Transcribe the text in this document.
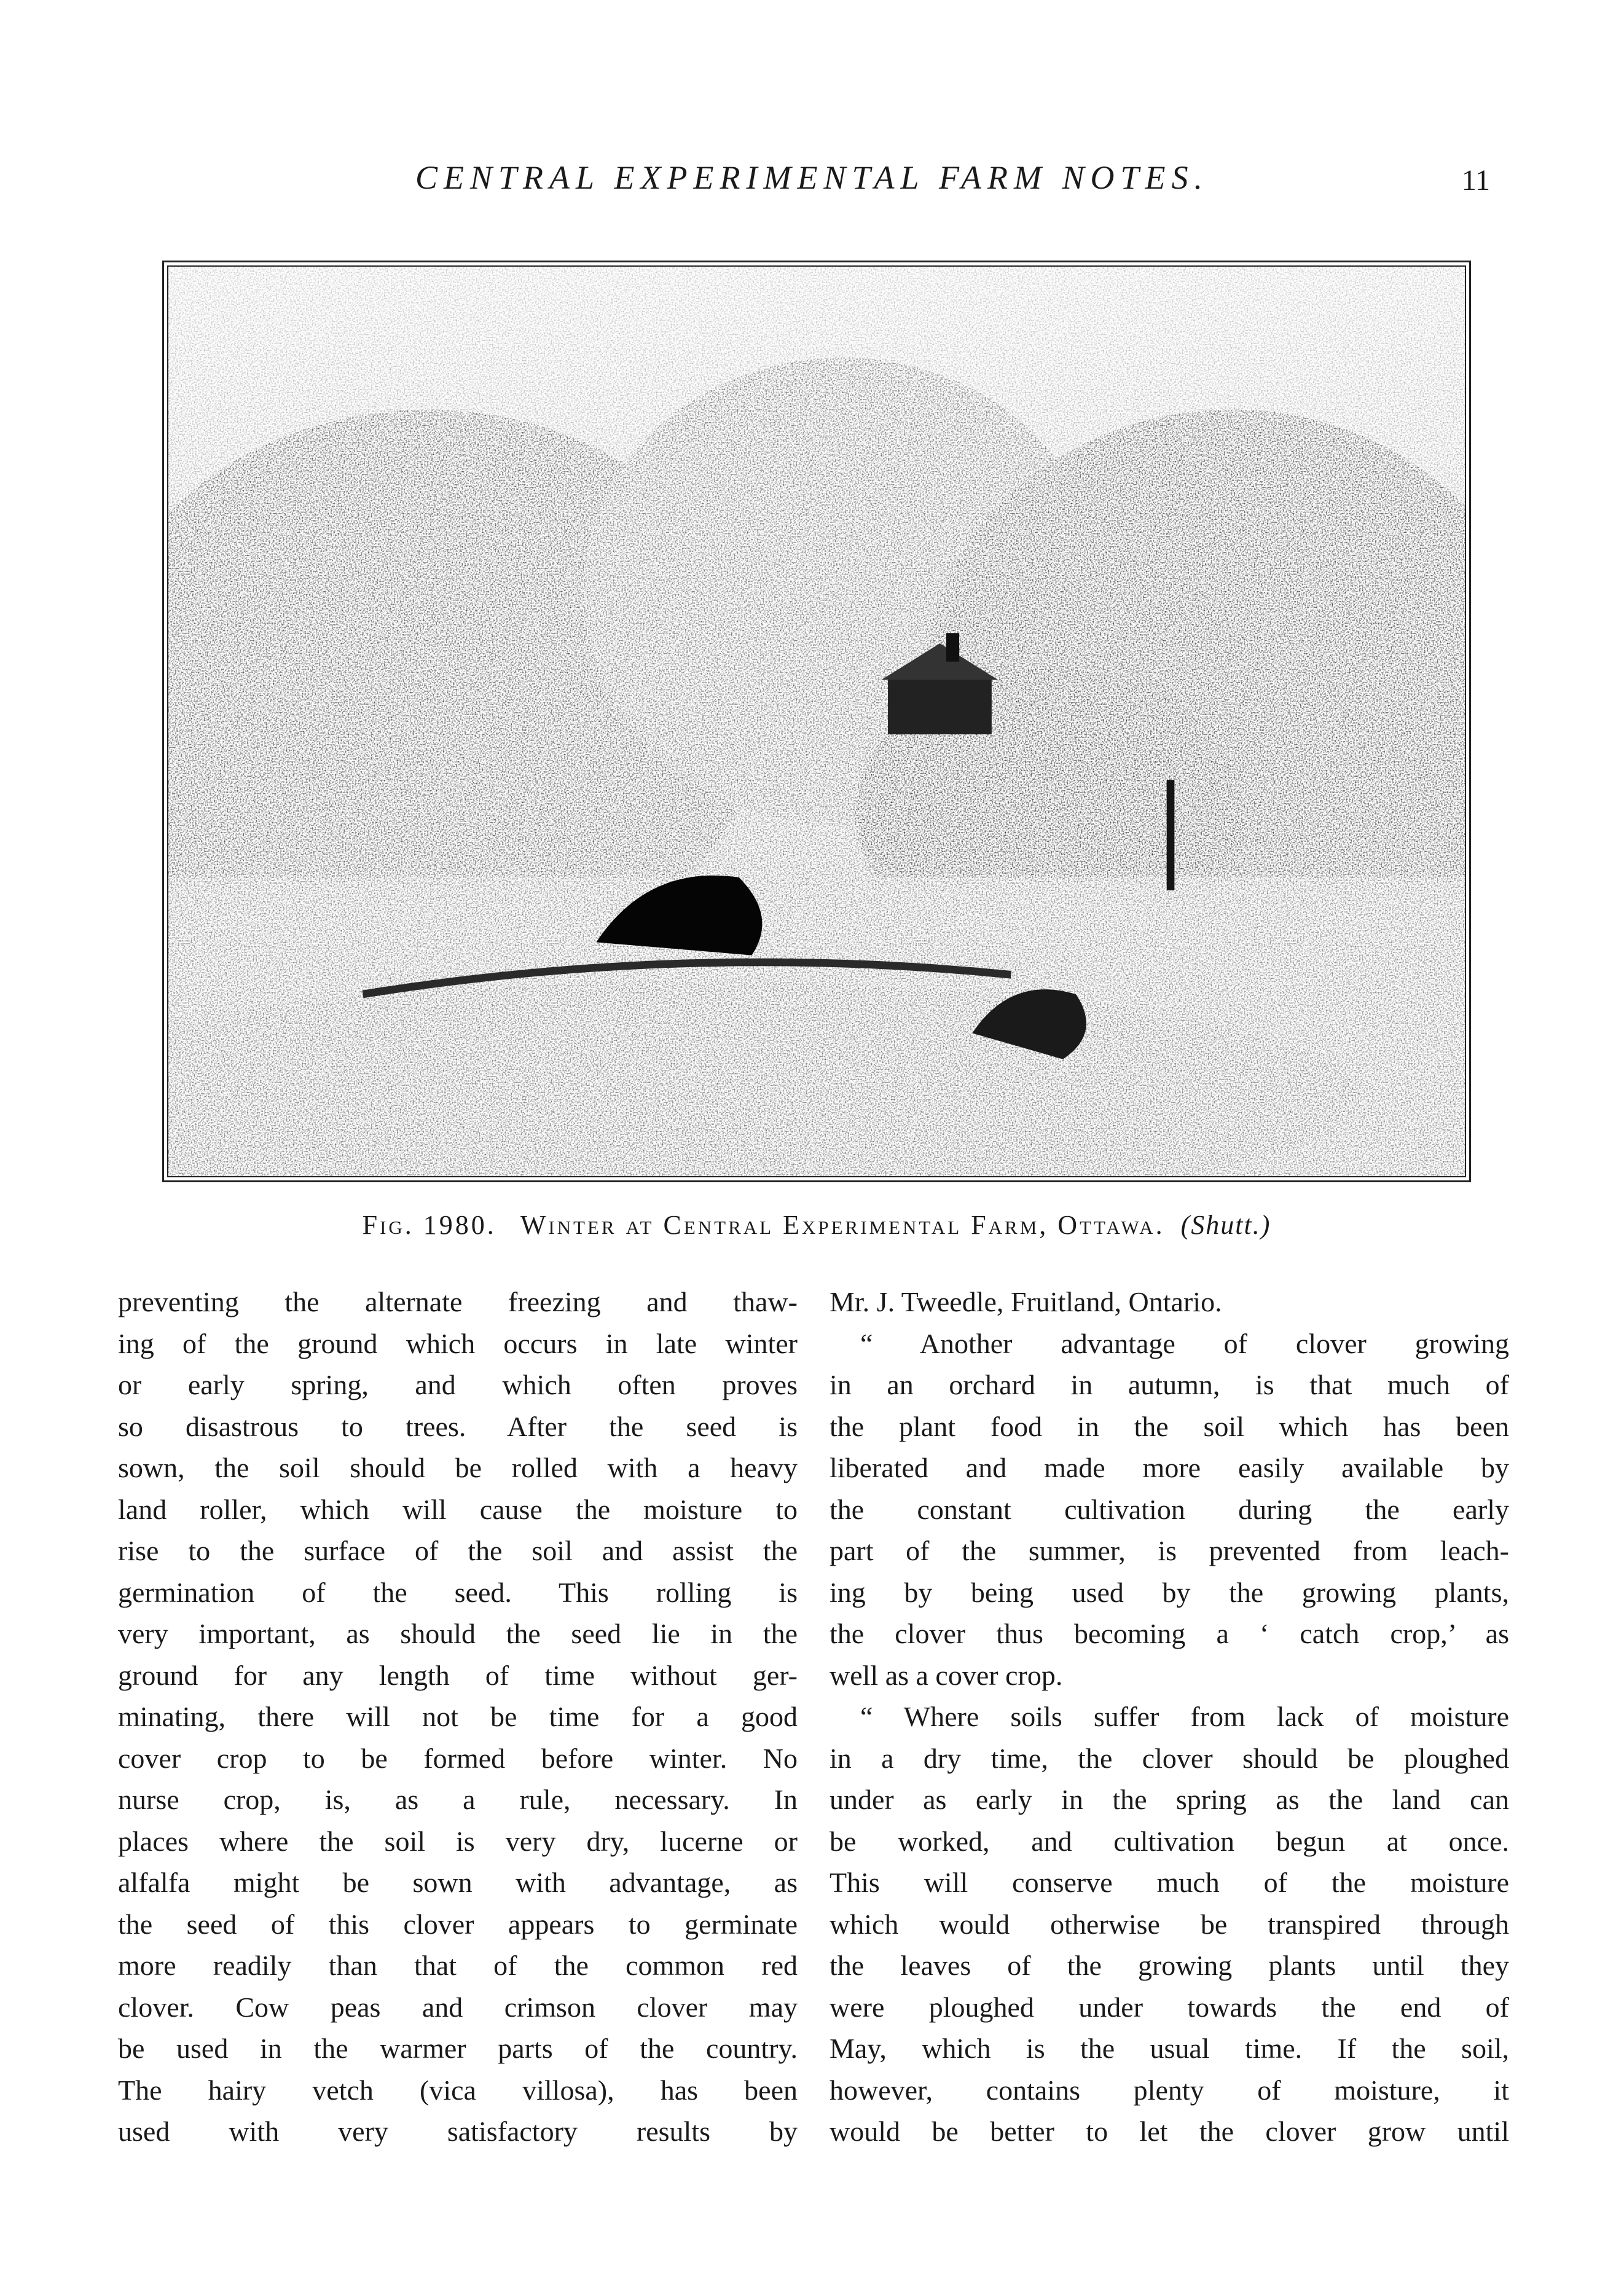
CENTRAL EXPERIMENTAL FARM NOTES.	11
Fig. 1980. Winter at Central Experimental Farm, Ottawa. (Shutt.)
preventing the alternate freezing and thaw-
ing of the ground which occurs in late winter
or early spring, and which often proves
so disastrous to trees. After the seed is
sown, the soil should be rolled with a heavy
land roller, which will cause the moisture to
rise to the surface of the soil and assist the
germination of the seed. This rolling is
very important, as should the seed lie in the
ground for any length of time without ger-
minating, there will not be time for a good
cover crop to be formed before winter. No
nurse crop, is, as a rule, necessary. In
places where the soil is very dry, lucerne or
alfalfa might be sown with advantage, as
the seed of this clover appears to germinate
more readily than that of the common red
clover. Cow peas and crimson clover may
be used in the warmer parts of the country.
The hairy vetch (vica villosa), has been
used with very satisfactory results by
Mr. J. Tweedle, Fruitland, Ontario.
“ Another advantage of clover growing
in an orchard in autumn, is that much of
the plant food in the soil which has been
liberated and made more easily available by
the constant cultivation during the early
part of the summer, is prevented from leach-
ing by being used by the growing plants,
the clover thus becoming a ‘ catch crop,’ as
well as a cover crop.
“ Where soils suffer from lack of moisture
in a dry time, the clover should be ploughed
under as early in the spring as the land can
be worked, and cultivation begun at once.
This will conserve much of the moisture
which would otherwise be transpired through
the leaves of the growing plants until they
were ploughed under towards the end of
May, which is the usual time. If the soil,
however, contains plenty of moisture, it
would be better to let the clover grow until
